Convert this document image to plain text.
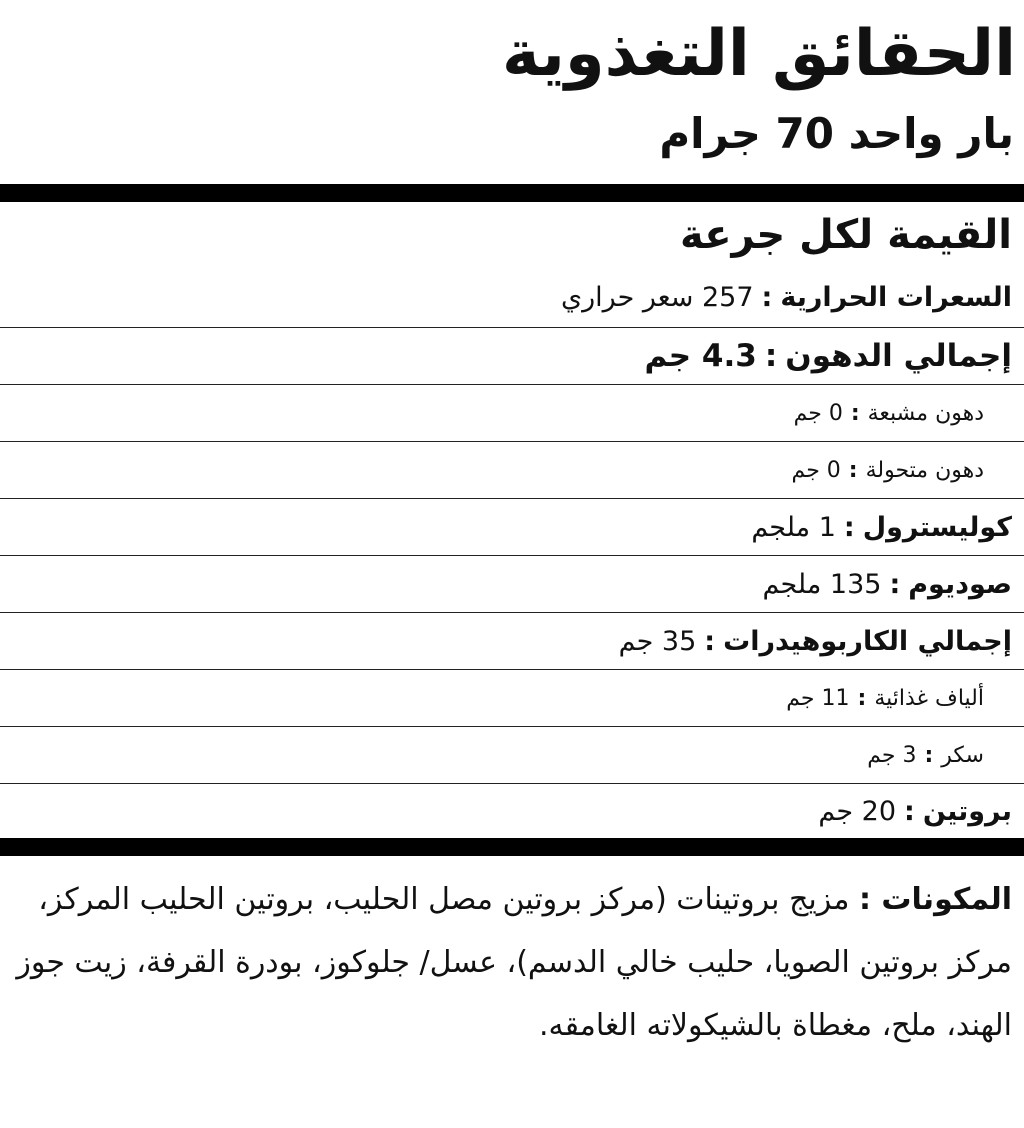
الحقائق التغذوية
بار واحد 70 جرام
القيمة لكل جرعة
السعرات الحرارية
:
257 سعر حراري
إجمالي الدهون
:
4.3 جم
دهون مشبعة
:
0 جم
دهون متحولة
:
0 جم
كوليسترول
:
1 ملجم
صوديوم
:
135 ملجم
إجمالي الكاربوهيدرات
:
35 جم
ألياف غذائية
:
11 جم
سكر
:
3 جم
بروتين
:
20 جم

المكونات : مزيج بروتينات (مركز بروتين مصل الحليب، بروتين الحليب المركز، مركز بروتين الصويا، حليب خالي الدسم)، عسل/ جلوكوز، بودرة القرفة، زيت جوز الهند، ملح، مغطاة بالشيكولاته الغامقه.
